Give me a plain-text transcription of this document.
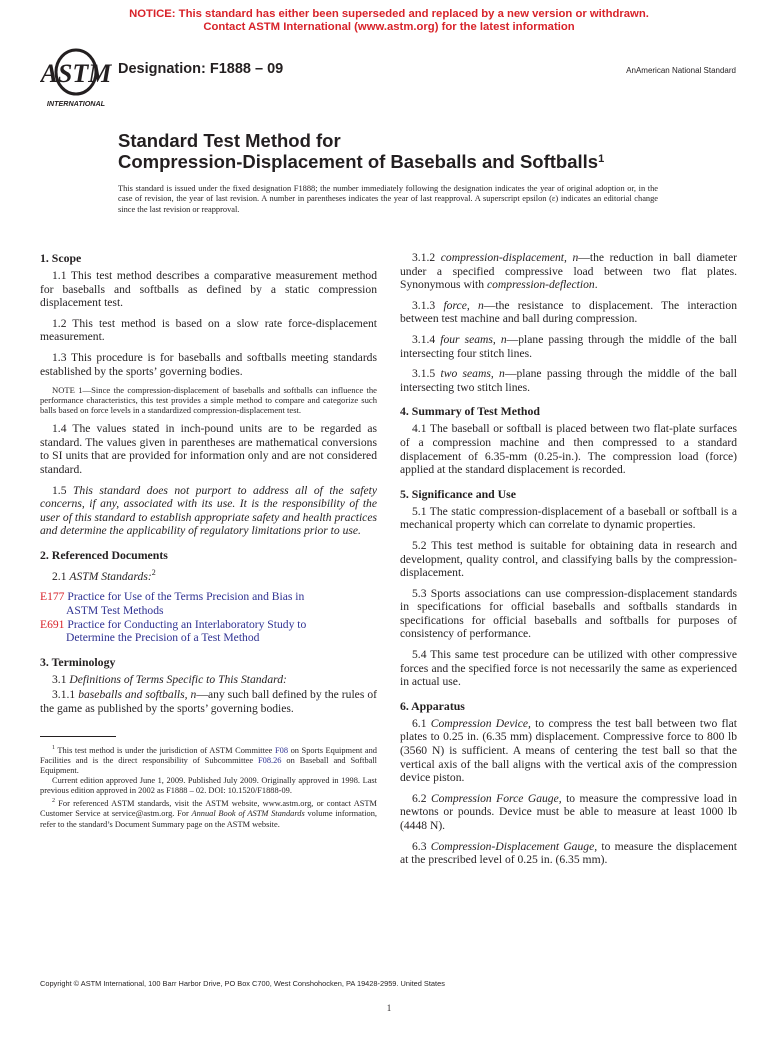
NOTICE: This standard has either been superseded and replaced by a new version or withdrawn.
Contact ASTM International (www.astm.org) for the latest information
ASTM
INTERNATIONAL
Designation: F1888 – 09	AnAmerican National Standard
Standard Test Method for
Compression-Displacement of Baseballs and Softballs$^1$
This standard is issued under the fixed designation F1888; the number immediately following the designation indicates the year of original adoption or, in the case of revision, the year of last revision. A number in parentheses indicates the year of last reapproval. A superscript epsilon (ε) indicates an editorial change since the last revision or reapproval.
1. Scope

1.1 This test method describes a comparative measurement method for baseballs and softballs as defined by a static compression displacement test.

1.2 This test method is based on a slow rate force-displacement measurement.

1.3 This procedure is for baseballs and softballs meeting standards established by the sports’ governing bodies.

NOTE 1—Since the compression-displacement of baseballs and softballs can influence the performance characteristics, this test provides a simple method to compare and categorize such balls based on force levels in a standardized compression-displacement test.

1.4 The values stated in inch-pound units are to be regarded as standard. The values given in parentheses are mathematical conversions to SI units that are provided for information only and are not considered standard.

1.5 This standard does not purport to address all of the safety concerns, if any, associated with its use. It is the responsibility of the user of this standard to establish appropriate safety and health practices and determine the applicability of regulatory limitations prior to use.

2. Referenced Documents

2.1 ASTM Standards:$^2$

E177 Practice for Use of the Terms Precision and Bias in
ASTM Test Methods
E691 Practice for Conducting an Interlaboratory Study to
Determine the Precision of a Test Method
3. Terminology

3.1 Definitions of Terms Specific to This Standard:

3.1.1 baseballs and softballs, n—any such ball defined by the rules of the game as published by the sports’ governing bodies.

$^1$ This test method is under the jurisdiction of ASTM Committee F08 on Sports Equipment and Facilities and is the direct responsibility of Subcommittee F08.26 on Baseball and Softball Equipment.
Current edition approved June 1, 2009. Published July 2009. Originally approved in 1998. Last previous edition approved in 2002 as F1888 – 02. DOI: 10.1520/F1888-09.
$^2$ For referenced ASTM standards, visit the ASTM website, www.astm.org, or contact ASTM Customer Service at service@astm.org. For Annual Book of ASTM Standards volume information, refer to the standard’s Document Summary page on the ASTM website.

3.1.2 compression-displacement, n—the reduction in ball diameter under a specified compressive load between two flat plates. Synonymous with compression-deflection.

3.1.3 force, n—the resistance to displacement. The interaction between test machine and ball during compression.

3.1.4 four seams, n—plane passing through the middle of the ball intersecting four stitch lines.

3.1.5 two seams, n—plane passing through the middle of the ball intersecting two stitch lines.

4. Summary of Test Method

4.1 The baseball or softball is placed between two flat-plate surfaces of a compression machine and then compressed to a standard displacement of 6.35-mm (0.25-in.). The compression load (force) applied at the standard displacement is recorded.

5. Significance and Use

5.1 The static compression-displacement of a baseball or softball is a mechanical property which can correlate to dynamic properties.

5.2 This test method is suitable for obtaining data in research and development, quality control, and classifying balls by the compression-displacement.

5.3 Sports associations can use compression-displacement standards in specifications for official baseballs and softballs standards in specifications for official baseballs and softballs for purposes of consistency of performance.

5.4 This same test procedure can be utilized with other compressive forces and the specified force is not necessarily the same as experienced in actual use.

6. Apparatus

6.1 Compression Device, to compress the test ball between two flat plates to 0.25 in. (6.35 mm) displacement. Compressive force to 800 lb (3560 N) is sufficient. A means of centering the test ball so that the vertical axis of the ball aligns with the vertical axis of the compression device piston.

6.2 Compression Force Gauge, to measure the compressive load in newtons or pounds. Device must be able to measure at least 1000 lb (4448 N).

6.3 Compression-Displacement Gauge, to measure the displacement at the prescribed level of 0.25 in. (6.35 mm).

Copyright © ASTM International, 100 Barr Harbor Drive, PO Box C700, West Conshohocken, PA 19428-2959. United States
1
